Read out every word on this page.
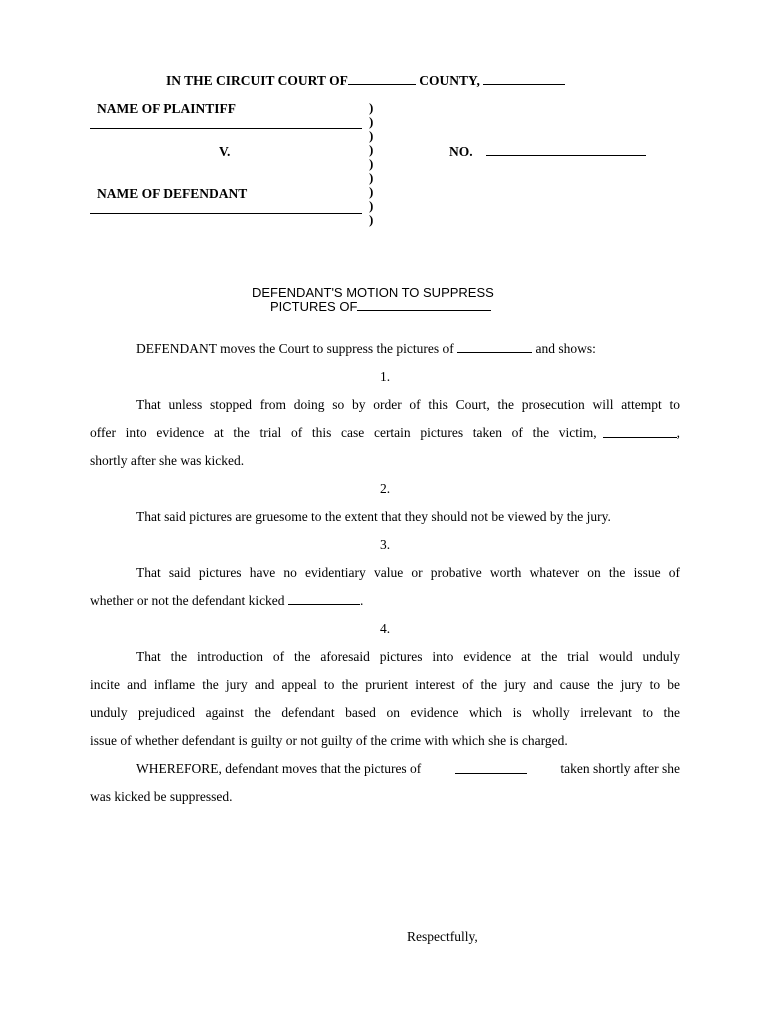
IN THE CIRCUIT COURT OF	COUNTY,
NAME OF PLAINTIFF
V.	NO.
NAME OF DEFENDANT
)
)
)
)
)
)
)
)
)
DEFENDANT'S MOTION TO SUPPRESS
PICTURES OF
DEFENDANT moves the Court to suppress the pictures of	and shows:
1.
That unless stopped from doing so by order of this Court, the prosecution will attempt to
offer into evidence at the trial of this case certain pictures taken of the victim,	,
shortly after she was kicked.
2.
That said pictures are gruesome to the extent that they should not be viewed by the jury.
3.
That said pictures have no evidentiary value or probative worth whatever on the issue of
whether or not the defendant kicked	.
4.
That the introduction of the aforesaid pictures into evidence at the trial would unduly
incite and inflame the jury and appeal to the prurient interest of the jury and cause the jury to be
unduly prejudiced against the defendant based on evidence which is wholly irrelevant to the
issue of whether defendant is guilty or not guilty of the crime with which she is charged.
WHEREFORE, defendant moves that the pictures of	taken shortly after she
was kicked be suppressed.
Respectfully,
